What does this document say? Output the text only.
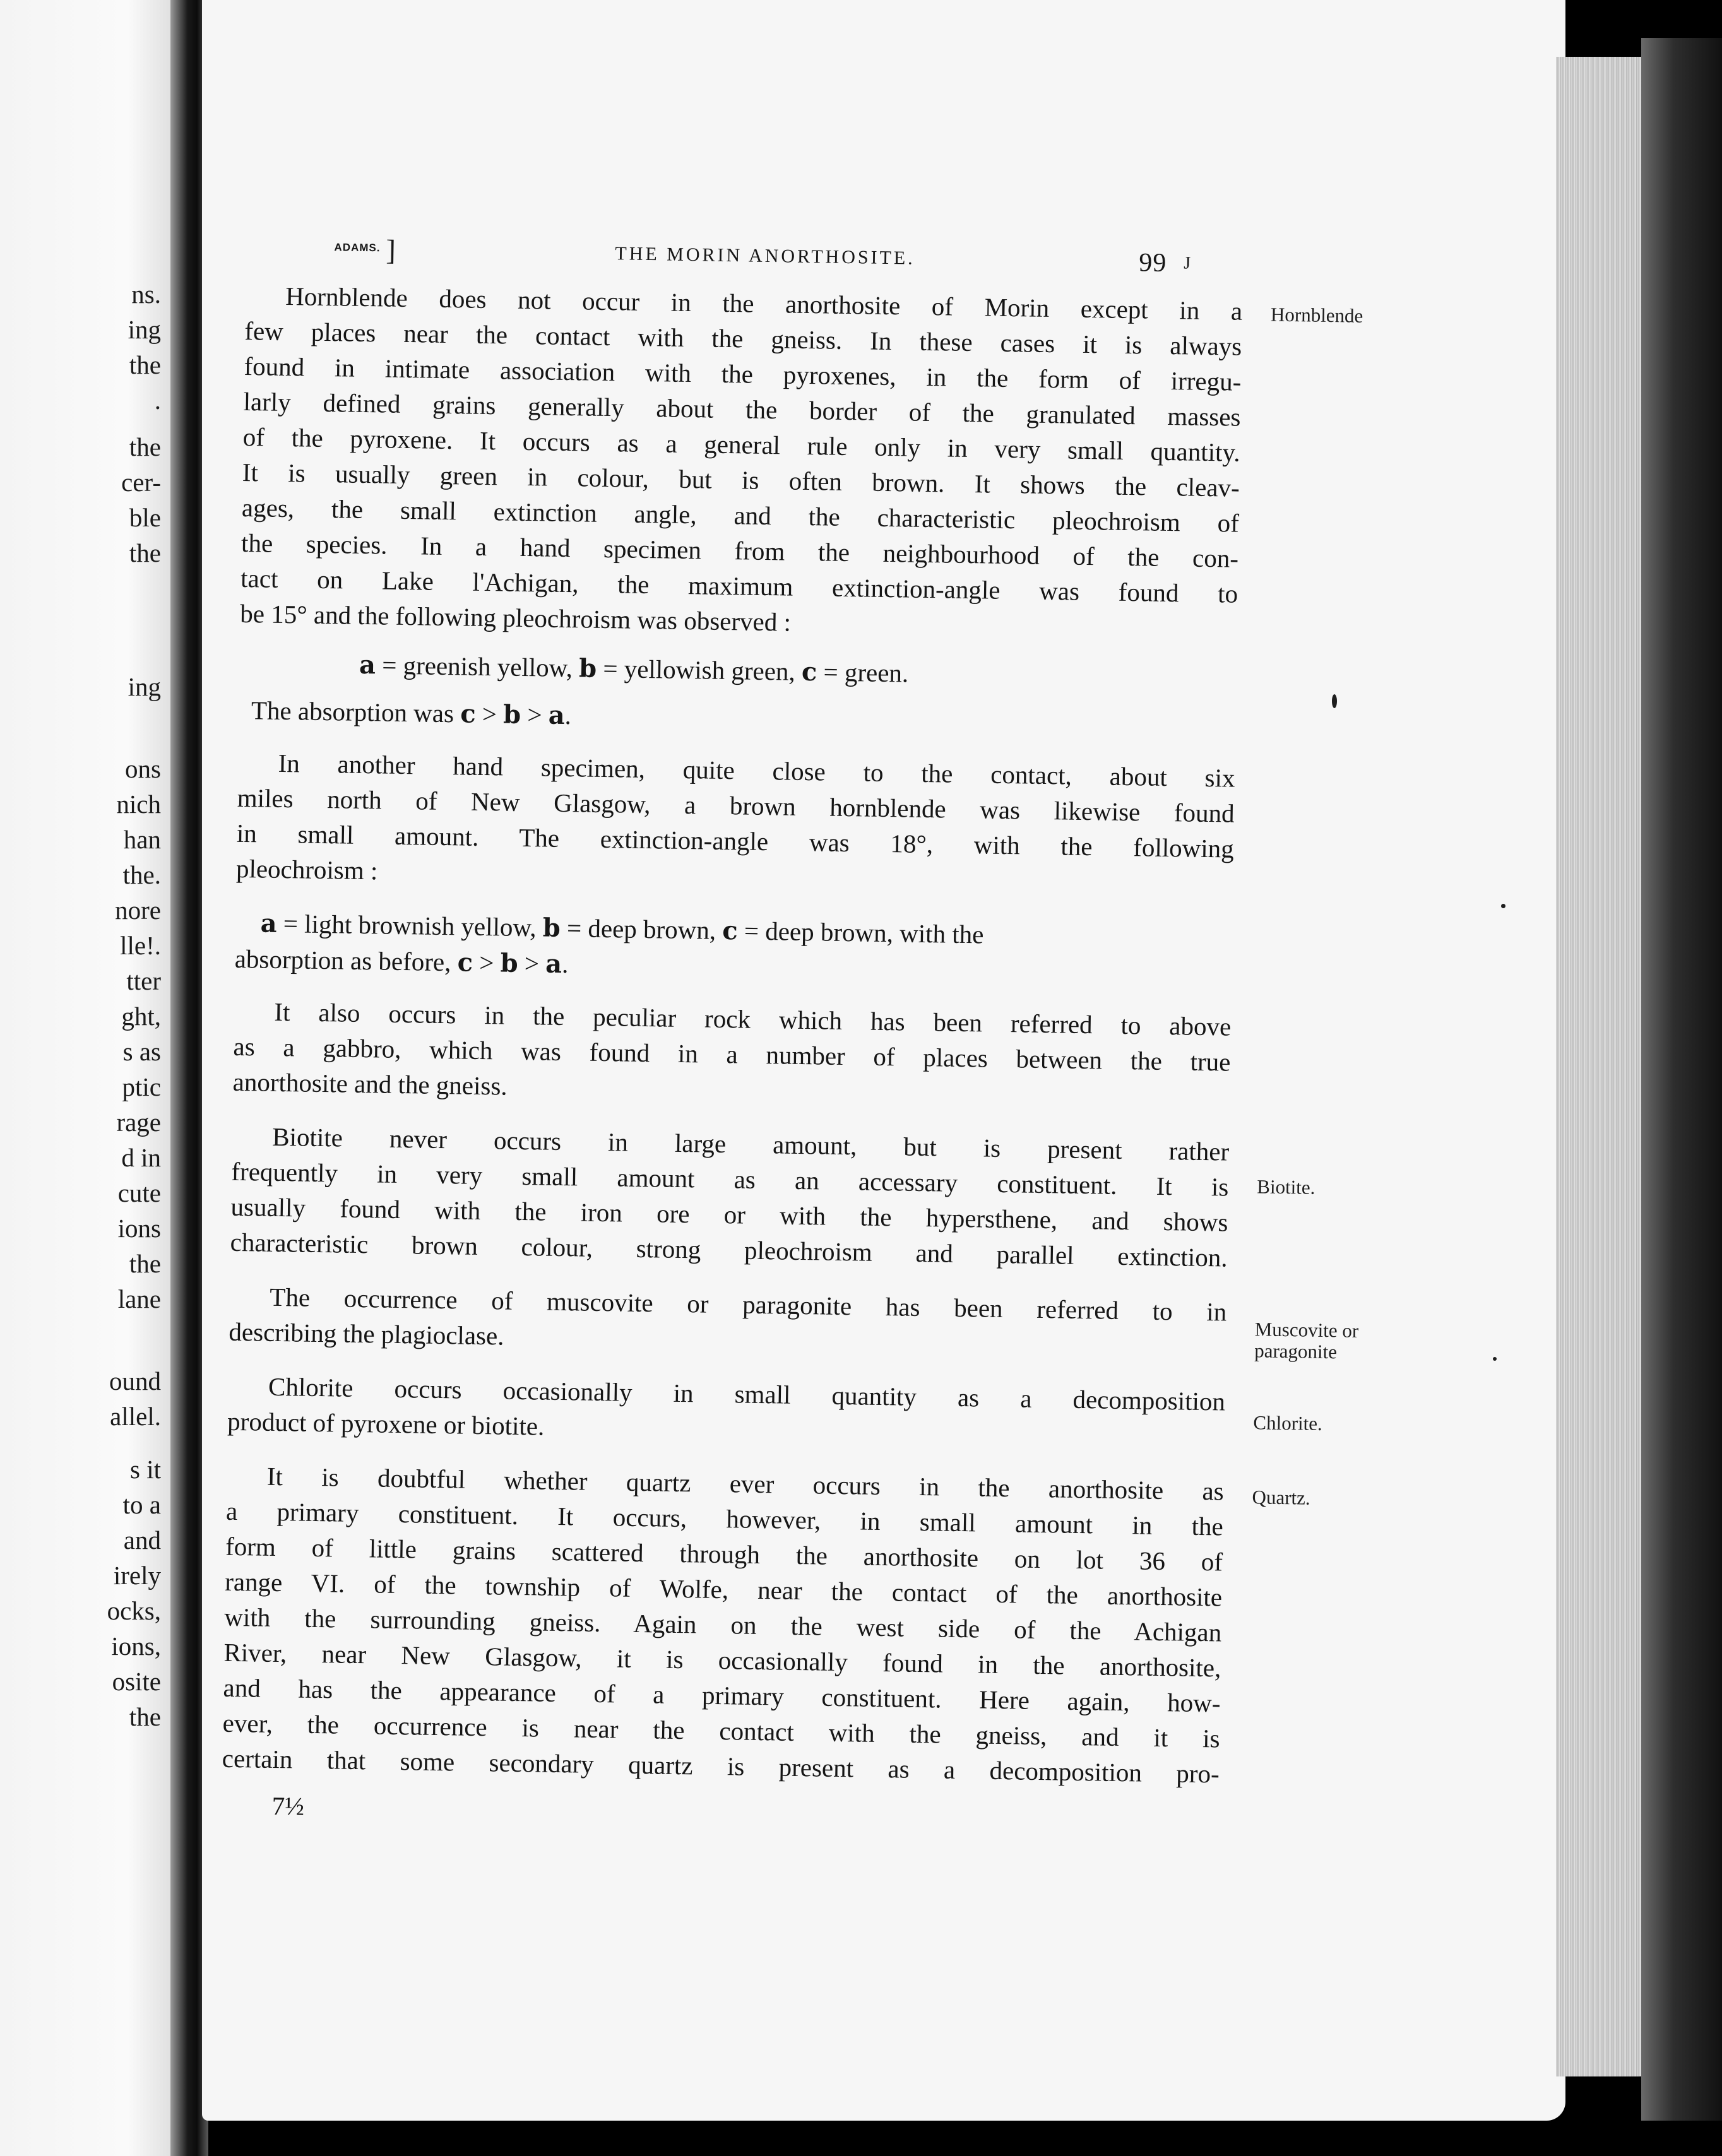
ns.
ing
the
.
the
cer-
ble
the
ing
ons
nich
han
the.
nore
lle!.
tter
ght,
s as
ptic
rage
d in
cute
ions
the
lane
ound
allel.
s it
to a
and
irely
ocks,
ions,
osite
the
ADAMS. ]	THE MORIN ANORTHOSITE.	99 J
Hornblende
Hornblende does not occur in the anorthosite of Morin except in a
few places near the contact with the gneiss. In these cases it is always
found in intimate association with the pyroxenes, in the form of irregu-
larly defined grains generally about the border of the granulated masses
of the pyroxene. It occurs as a general rule only in very small quantity.
It is usually green in colour, but is often brown. It shows the cleav-
ages, the small extinction angle, and the characteristic pleochroism of
the species. In a hand specimen from the neighbourhood of the con-
tact on Lake l'Achigan, the maximum extinction-angle was found to
be 15° and the following pleochroism was observed :
a = greenish yellow, b = yellowish green, c = green.
The absorption was c > b > a.
In another hand specimen, quite close to the contact, about six
miles north of New Glasgow, a brown hornblende was likewise found
in small amount. The extinction-angle was 18°, with the following
pleochroism :
a = light brownish yellow, b = deep brown, c = deep brown, with the
absorption as before, c > b > a.
It also occurs in the peculiar rock which has been referred to above
as a gabbro, which was found in a number of places between the true
anorthosite and the gneiss.
Biotite.
Biotite never occurs in large amount, but is present rather
frequently in very small amount as an accessary constituent. It is
usually found with the iron ore or with the hypersthene, and shows
characteristic brown colour, strong pleochroism and parallel extinction.
Muscovite or
paragonite
The occurrence of muscovite or paragonite has been referred to in
describing the plagioclase.
Chlorite.
Chlorite occurs occasionally in small quantity as a decomposition
product of pyroxene or biotite.
Quartz.
It is doubtful whether quartz ever occurs in the anorthosite as
a primary constituent. It occurs, however, in small amount in the
form of little grains scattered through the anorthosite on lot 36 of
range VI. of the township of Wolfe, near the contact of the anorthosite
with the surrounding gneiss. Again on the west side of the Achigan
River, near New Glasgow, it is occasionally found in the anorthosite,
and has the appearance of a primary constituent. Here again, how-
ever, the occurrence is near the contact with the gneiss, and it is
certain that some secondary quartz is present as a decomposition pro-
7½
